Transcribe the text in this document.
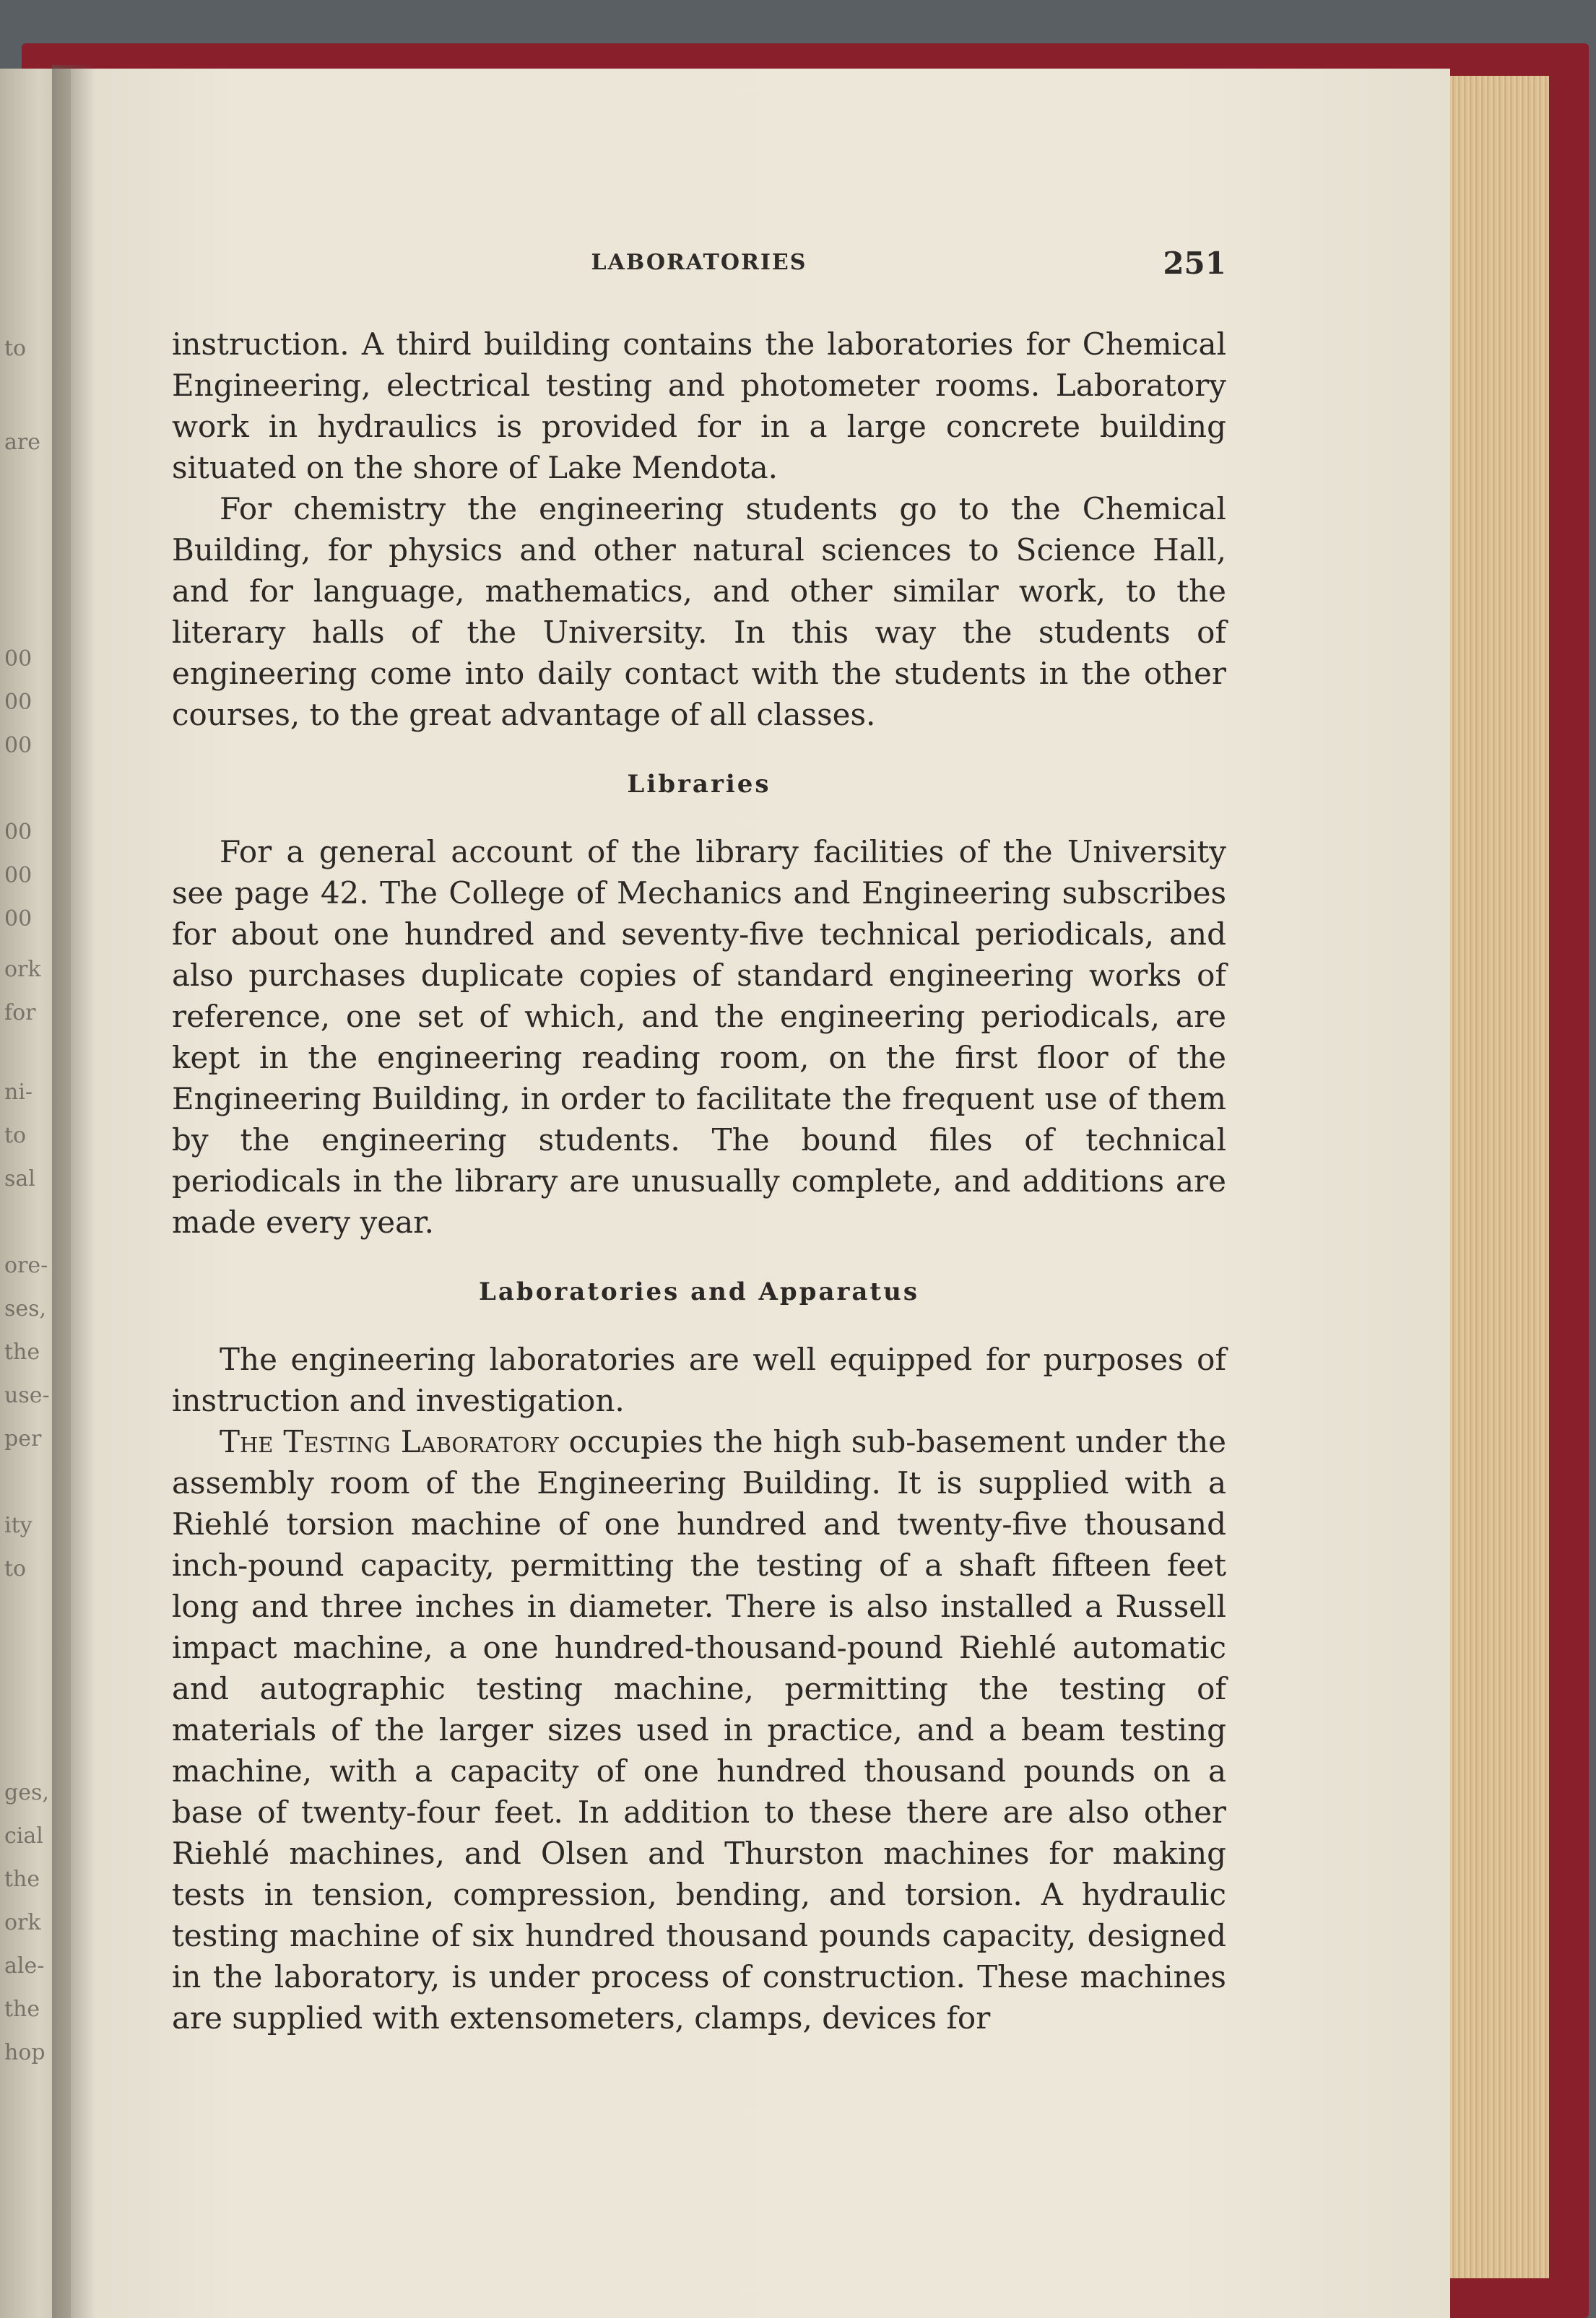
to
are
00
00
00
00
00
00
ork
for
ni-
to
sal
ore-
ses,
the
use-
per
ity
to
ges,
cial
the
ork
ale-
the
hop
LABORATORIES	251

instruction. A third building contains the laboratories for Chemical Engineering, electrical testing and photometer rooms. Laboratory work in hydraulics is provided for in a large concrete building situated on the shore of Lake Mendota.

For chemistry the engineering students go to the Chemical Building, for physics and other natural sciences to Science Hall, and for language, mathematics, and other similar work, to the literary halls of the University. In this way the students of engineering come into daily contact with the students in the other courses, to the great advantage of all classes.

Libraries

For a general account of the library facilities of the University see page 42. The College of Mechanics and Engineering subscribes for about one hundred and seventy-five technical periodicals, and also purchases duplicate copies of standard engineering works of reference, one set of which, and the engineering periodicals, are kept in the engineering reading room, on the first floor of the Engineering Building, in order to facilitate the frequent use of them by the engineering students. The bound files of technical periodicals in the library are unusually complete, and additions are made every year.

Laboratories and Apparatus

The engineering laboratories are well equipped for purposes of instruction and investigation.

The Testing Laboratory occupies the high sub-basement under the assembly room of the Engineering Building. It is supplied with a Riehlé torsion machine of one hundred and twenty-five thousand inch-pound capacity, permitting the testing of a shaft fifteen feet long and three inches in diameter. There is also installed a Russell impact machine, a one hundred-thousand-pound Riehlé automatic and autographic testing machine, permitting the testing of materials of the larger sizes used in practice, and a beam testing machine, with a capacity of one hundred thousand pounds on a base of twenty-four feet. In addition to these there are also other Riehlé machines, and Olsen and Thurston machines for making tests in tension, compression, bending, and torsion. A hydraulic testing machine of six hundred thousand pounds capacity, designed in the laboratory, is under process of construction. These machines are supplied with extensometers, clamps, devices for
